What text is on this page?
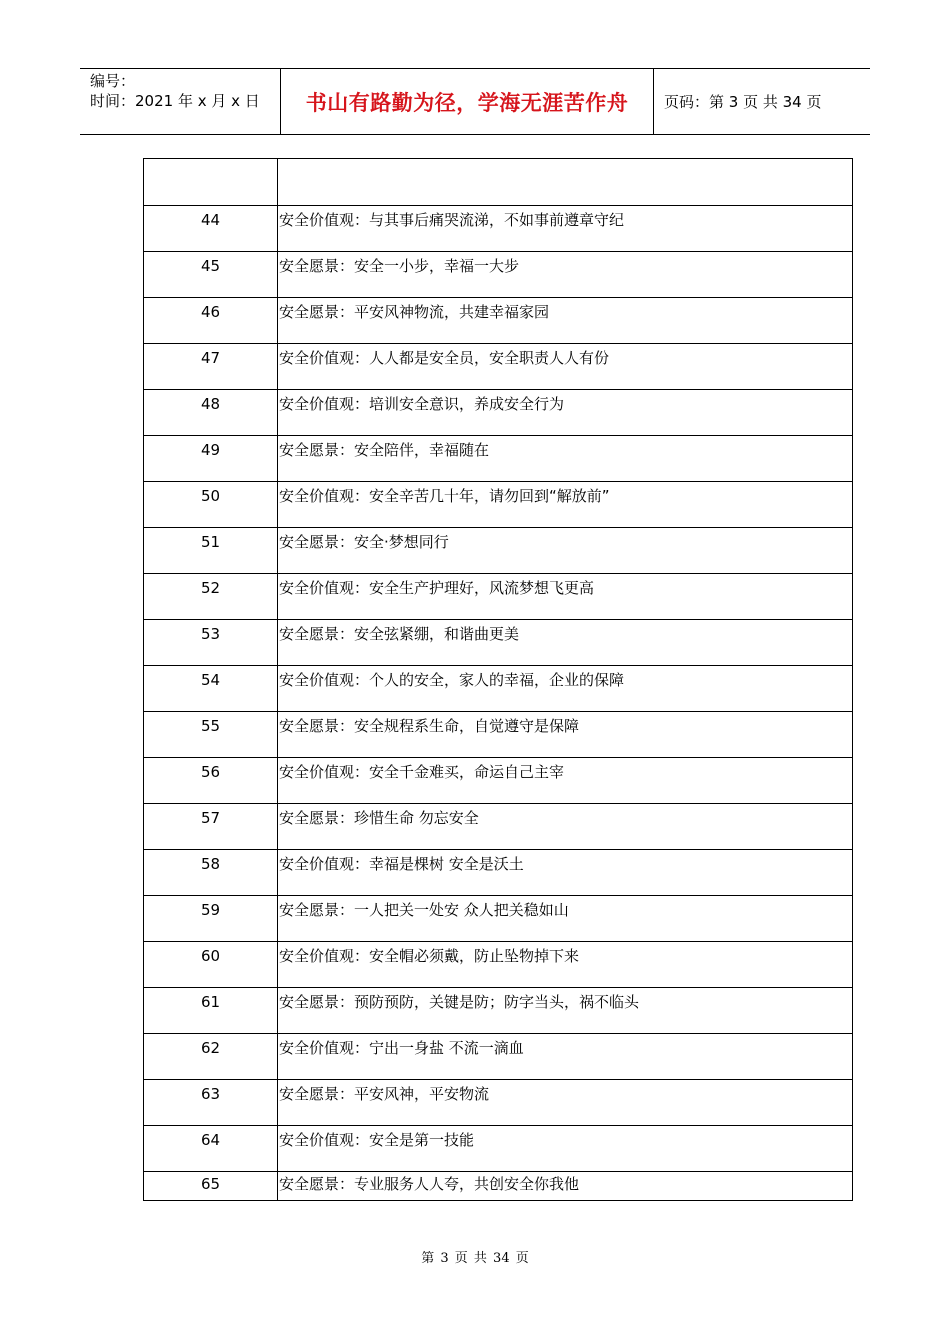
编号：
时间：2021 年 x 月 x 日	书山有路勤为径，学海无涯苦作舟 页码：第 3 页 共 34 页

44	安全价值观：与其事后痛哭流涕，不如事前遵章守纪
45	安全愿景：安全一小步，幸福一大步
46	安全愿景：平安风神物流，共建幸福家园
47	安全价值观：人人都是安全员，安全职责人人有份
48	安全价值观：培训安全意识，养成安全行为
49	安全愿景：安全陪伴，幸福随在
50	安全价值观：安全辛苦几十年，请勿回到“解放前”
51	安全愿景：安全·梦想同行
52	安全价值观：安全生产护理好，风流梦想飞更高
53	安全愿景：安全弦紧绷，和谐曲更美
54	安全价值观：个人的安全，家人的幸福，企业的保障
55	安全愿景：安全规程系生命，自觉遵守是保障
56	安全价值观：安全千金难买，命运自己主宰
57	安全愿景：珍惜生命 勿忘安全
58	安全价值观：幸福是棵树 安全是沃土
59	安全愿景：一人把关一处安 众人把关稳如山
60	安全价值观：安全帽必须戴，防止坠物掉下来
61	安全愿景：预防预防，关键是防；防字当头，祸不临头
62	安全价值观：宁出一身盐 不流一滴血
63	安全愿景：平安风神，平安物流
64	安全价值观：安全是第一技能
65	安全愿景：专业服务人人夸，共创安全你我他
第 3 页 共 34 页
